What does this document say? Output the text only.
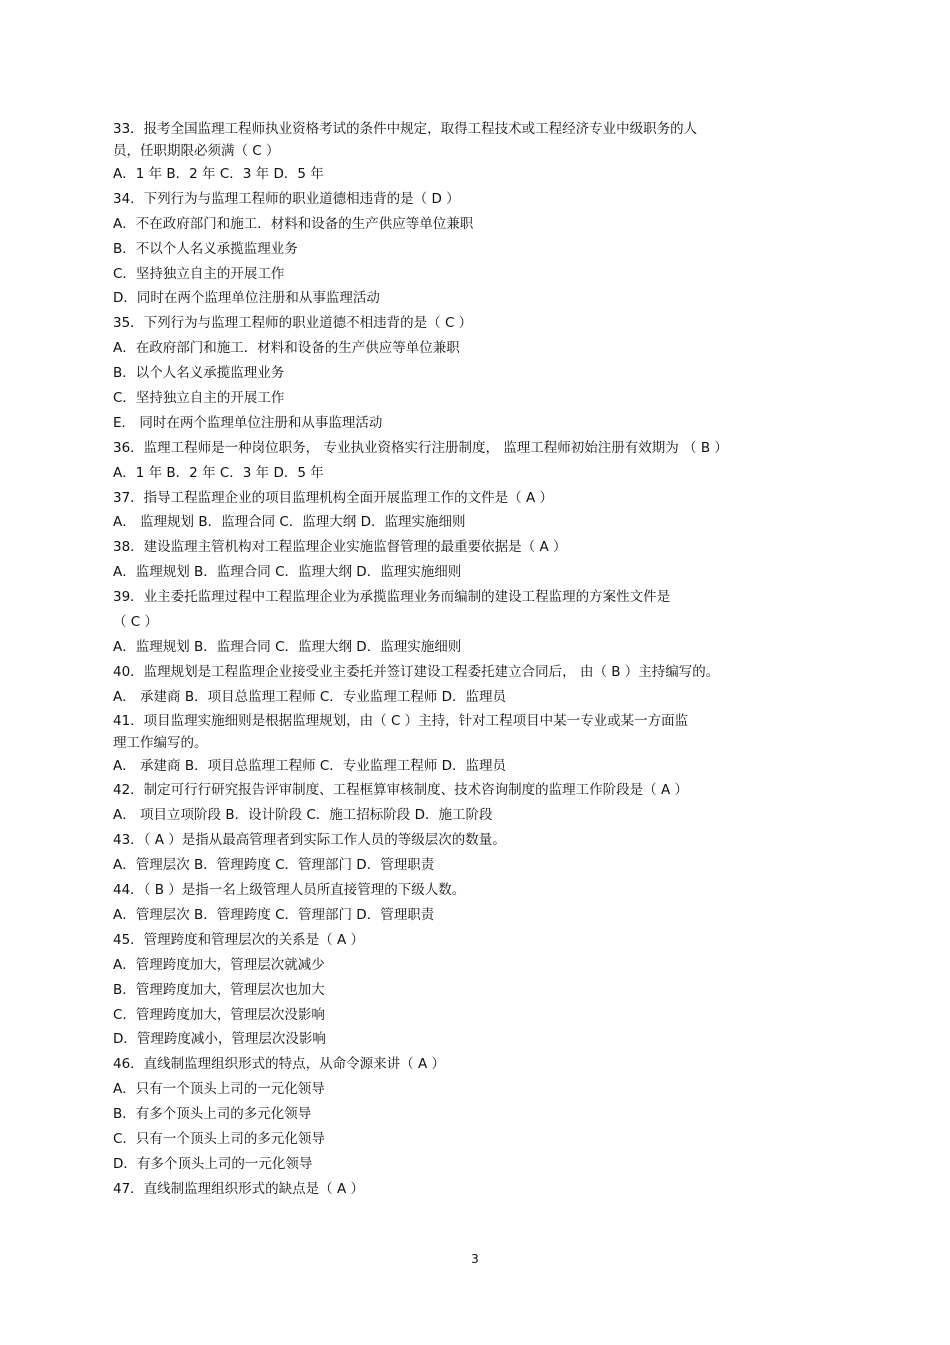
33．报考全国监理工程师执业资格考试的条件中规定，取得工程技术或工程经济专业中级职务的人
员，任职期限必须满（ C ）
A．1 年 B．2 年 C．3 年 D．5 年
34．下列行为与监理工程师的职业道德相违背的是（ D ）
A．不在政府部门和施工．材料和设备的生产供应等单位兼职
B．不以个人名义承揽监理业务
C．坚持独立自主的开展工作
D．同时在两个监理单位注册和从事监理活动
35．下列行为与监理工程师的职业道德不相违背的是（ C ）
A．在政府部门和施工．材料和设备的生产供应等单位兼职
B．以个人名义承揽监理业务
C．坚持独立自主的开展工作
E． 同时在两个监理单位注册和从事监理活动
36．监理工程师是一种岗位职务， 专业执业资格实行注册制度， 监理工程师初始注册有效期为 （ B ）
A．1 年 B．2 年 C．3 年 D．5 年
37．指导工程监理企业的项目监理机构全面开展监理工作的文件是（ A ）
A． 监理规划 B．监理合同 C．监理大纲 D．监理实施细则
38．建设监理主管机构对工程监理企业实施监督管理的最重要依据是（ A ）
A．监理规划 B．监理合同 C．监理大纲 D．监理实施细则
39．业主委托监理过程中工程监理企业为承揽监理业务而编制的建设工程监理的方案性文件是
（ C ）
A．监理规划 B．监理合同 C．监理大纲 D．监理实施细则
40．监理规划是工程监理企业接受业主委托并签订建设工程委托建立合同后， 由（ B ）主持编写的。
A． 承建商 B．项目总监理工程师 C．专业监理工程师 D．监理员
41．项目监理实施细则是根据监理规划，由（ C ）主持，针对工程项目中某一专业或某一方面监
理工作编写的。
A． 承建商 B．项目总监理工程师 C．专业监理工程师 D．监理员
42．制定可行行研究报告评审制度、工程框算审核制度、技术咨询制度的监理工作阶段是（ A ）
A． 项目立项阶段 B．设计阶段 C．施工招标阶段 D．施工阶段
43．（ A ）是指从最高管理者到实际工作人员的等级层次的数量。
A．管理层次 B．管理跨度 C．管理部门 D．管理职责
44．（ B ）是指一名上级管理人员所直接管理的下级人数。
A．管理层次 B．管理跨度 C．管理部门 D．管理职责
45．管理跨度和管理层次的关系是（ A ）
A．管理跨度加大，管理层次就减少
B．管理跨度加大，管理层次也加大
C．管理跨度加大，管理层次没影响
D．管理跨度减小，管理层次没影响
46．直线制监理组织形式的特点，从命令源来讲（ A ）
A．只有一个顶头上司的一元化领导
B．有多个顶头上司的多元化领导
C．只有一个顶头上司的多元化领导
D．有多个顶头上司的一元化领导
47．直线制监理组织形式的缺点是（ A ）
3
